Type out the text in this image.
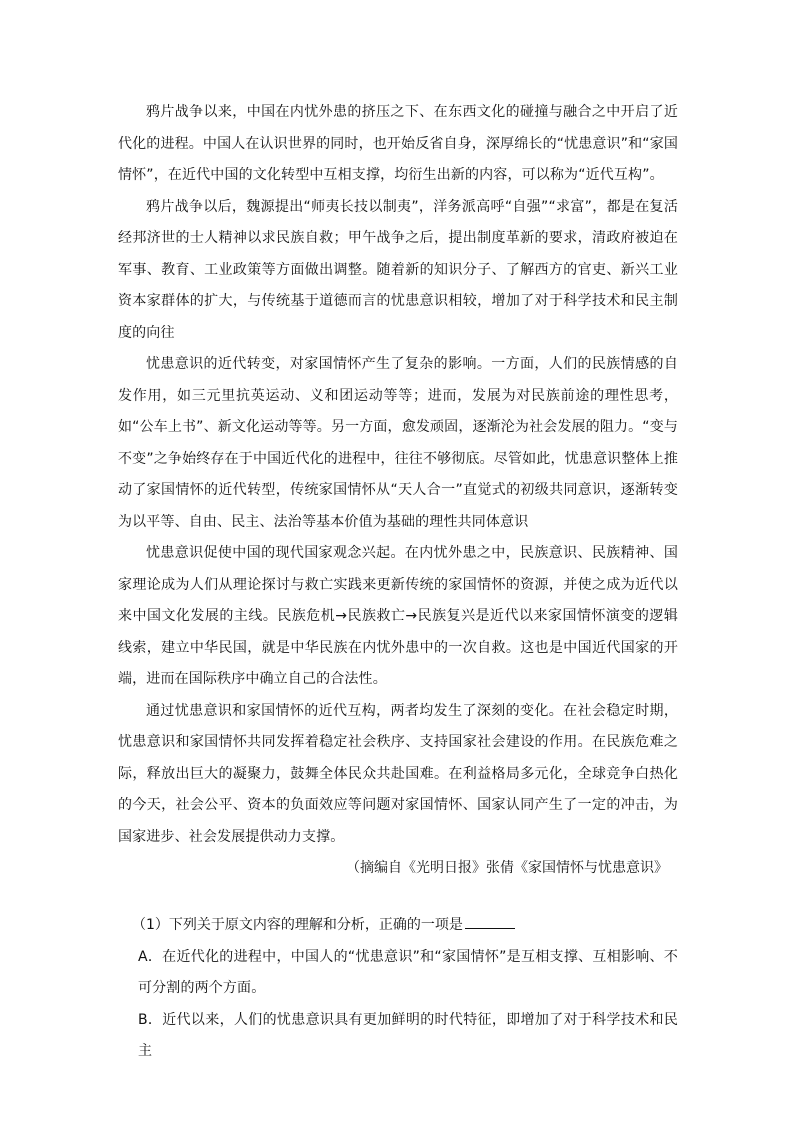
鸦片战争以来，中国在内忧外患的挤压之下、在东西文化的碰撞与融合之中开启了近代化的进程。中国人在认识世界的同时，也开始反省自身，深厚绵长的“忧患意识”和“家国情怀”，在近代中国的文化转型中互相支撑，均衍生出新的内容，可以称为“近代互构”。

鸦片战争以后，魏源提出“师夷长技以制夷”，洋务派高呼“自强”“求富”，都是在复活经邦济世的士人精神以求民族自救；甲午战争之后，提出制度革新的要求，清政府被迫在军事、教育、工业政策等方面做出调整。随着新的知识分子、了解西方的官吏、新兴工业资本家群体的扩大，与传统基于道德而言的忧患意识相较，增加了对于科学技术和民主制度的向往

忧患意识的近代转变，对家国情怀产生了复杂的影响。一方面，人们的民族情感的自发作用，如三元里抗英运动、义和团运动等等；进而，发展为对民族前途的理性思考，如“公车上书”、新文化运动等等。另一方面，愈发顽固，逐渐沦为社会发展的阻力。“变与不变”之争始终存在于中国近代化的进程中，往往不够彻底。尽管如此，忧患意识整体上推动了家国情怀的近代转型，传统家国情怀从“天人合一”直觉式的初级共同意识，逐渐转变为以平等、自由、民主、法治等基本价值为基础的理性共同体意识

忧患意识促使中国的现代国家观念兴起。在内忧外患之中，民族意识、民族精神、国家理论成为人们从理论探讨与救亡实践来更新传统的家国情怀的资源，并使之成为近代以来中国文化发展的主线。民族危机→民族救亡→民族复兴是近代以来家国情怀演变的逻辑线索，建立中华民国，就是中华民族在内忧外患中的一次自救。这也是中国近代国家的开端，进而在国际秩序中确立自己的合法性。

通过忧患意识和家国情怀的近代互构，两者均发生了深刻的变化。在社会稳定时期，忧患意识和家国情怀共同发挥着稳定社会秩序、支持国家社会建设的作用。在民族危难之际，释放出巨大的凝聚力，鼓舞全体民众共赴国难。在利益格局多元化，全球竞争白热化的今天，社会公平、资本的负面效应等问题对家国情怀、国家认同产生了一定的冲击，为国家进步、社会发展提供动力支撑。

（摘编自《光明日报》张倩《家国情怀与忧患意识》

（1）下列关于原文内容的理解和分析，正确的一项是

A．在近代化的进程中，中国人的“忧患意识”和“家国情怀”是互相支撑、互相影响、不可分割的两个方面。

B．近代以来，人们的忧患意识具有更加鲜明的时代特征，即增加了对于科学技术和民主
